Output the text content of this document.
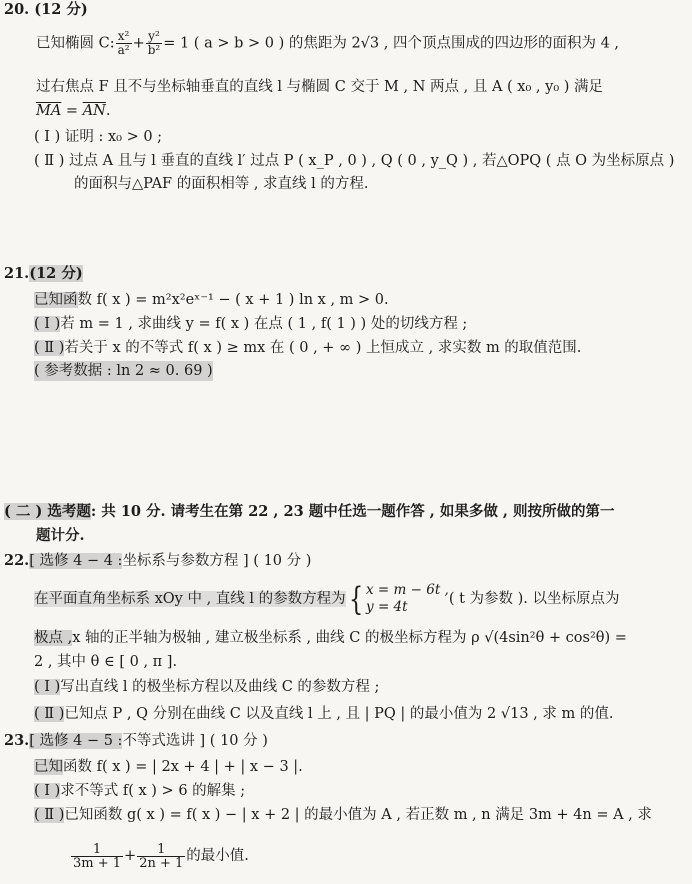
20. (12 分)
已知椭圆 C: $\frac{\text{x²}}{\text{a²}} + \frac{\text{y²}}{\text{b²}} = 1$ ( a > b > 0 ) 的焦距为 2√3 , 四个顶点围成的四边形的面积为 4 ,
过右焦点 F 且不与坐标轴垂直的直线 l 与椭圆 C 交于 M , N 两点 , 且 A ( x₀ , y₀ ) 满足
$\overline{MA} = \overline{AN}$.
( Ⅰ ) 证明 : x₀ > 0 ;
( Ⅱ ) 过点 A 且与 l 垂直的直线 l′ 过点 P ( x_P , 0 ) , Q ( 0 , y_Q ) , 若△OPQ ( 点 O 为坐标原点 )
的面积与△PAF 的面积相等 , 求直线 l 的方程.
21.(12 分)
已知函数 f( x ) = m²x²eˣ⁻¹ − ( x + 1 ) ln x , m > 0.
( Ⅰ )若 m = 1 , 求曲线 y = f( x ) 在点 ( 1 , f( 1 ) ) 处的切线方程 ;
( Ⅱ )若关于 x 的不等式 f( x ) ≥ mx 在 ( 0 , + ∞ ) 上恒成立 , 求实数 m 的取值范围.
( 参考数据 : ln 2 ≈ 0. 69 )
( 二 ) 选考题: 共 10 分. 请考生在第 22 , 23 题中任选一题作答 , 如果多做 , 则按所做的第一
题计分.
22.[ 选修 4 − 4 :坐标系与参数方程 ] ( 10 分 )
在平面直角坐标系 xOy 中 , 直线 l 的参数方程为{ x = m − 6t ,
y = 4t	( t 为参数 ). 以坐标原点为
极点 ,x 轴的正半轴为极轴 , 建立极坐标系 , 曲线 C 的极坐标方程为 ρ √(4sin²θ + cos²θ) =
2 , 其中 θ ∈ [ 0 , π ].
( Ⅰ )写出直线 l 的极坐标方程以及曲线 C 的参数方程 ;
( Ⅱ )已知点 P , Q 分别在曲线 C 以及直线 l 上 , 且 | PQ | 的最小值为 2 √13 , 求 m 的值.
23.[ 选修 4 − 5 :不等式选讲 ] ( 10 分 )
已知函数 f( x ) = | 2x + 4 | + | x − 3 |.
( Ⅰ )求不等式 f( x ) > 6 的解集 ;
( Ⅱ )已知函数 g( x ) = f( x ) − | x + 2 | 的最小值为 A , 若正数 m , n 满足 3m + 4n = A , 求
$\frac{1}{3m + 1} + \frac{1}{2n + 1}$ 的最小值.
